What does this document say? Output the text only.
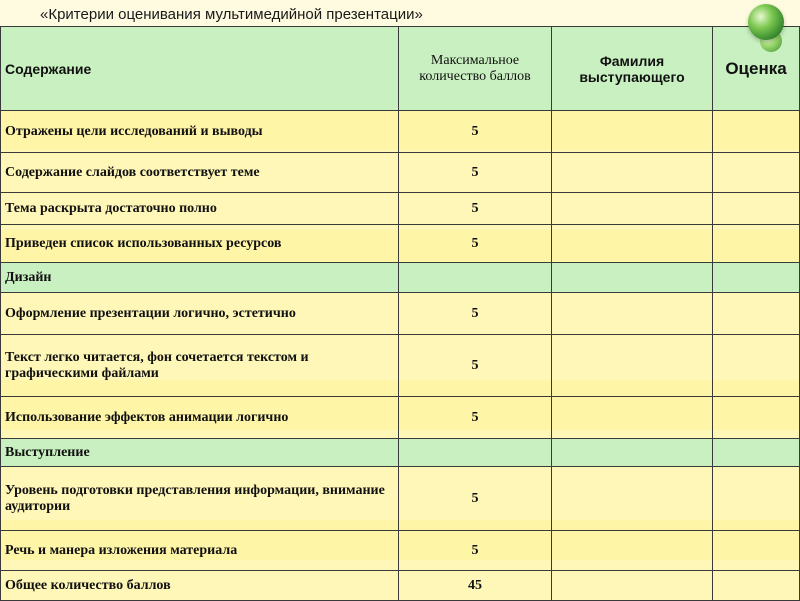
«Критерии оценивания мультимедийной презентации»
Содержание	Максимальное количество баллов	Фамилия выступающего	Оценка
Отражены цели исследований и выводы	5		
Содержание слайдов соответствует теме	5		
Тема раскрыта достаточно полно	5		
Приведен список использованных ресурсов	5		
Дизайн			
Оформление презентации логично, эстетично	5		
Текст легко читается, фон сочетается текстом и графическими файлами	5		
Использование эффектов анимации логично	5		
Выступление			
Уровень подготовки представления информации, внимание аудитории	5		
Речь и манера изложения материала	5		
Общее количество баллов	45		
